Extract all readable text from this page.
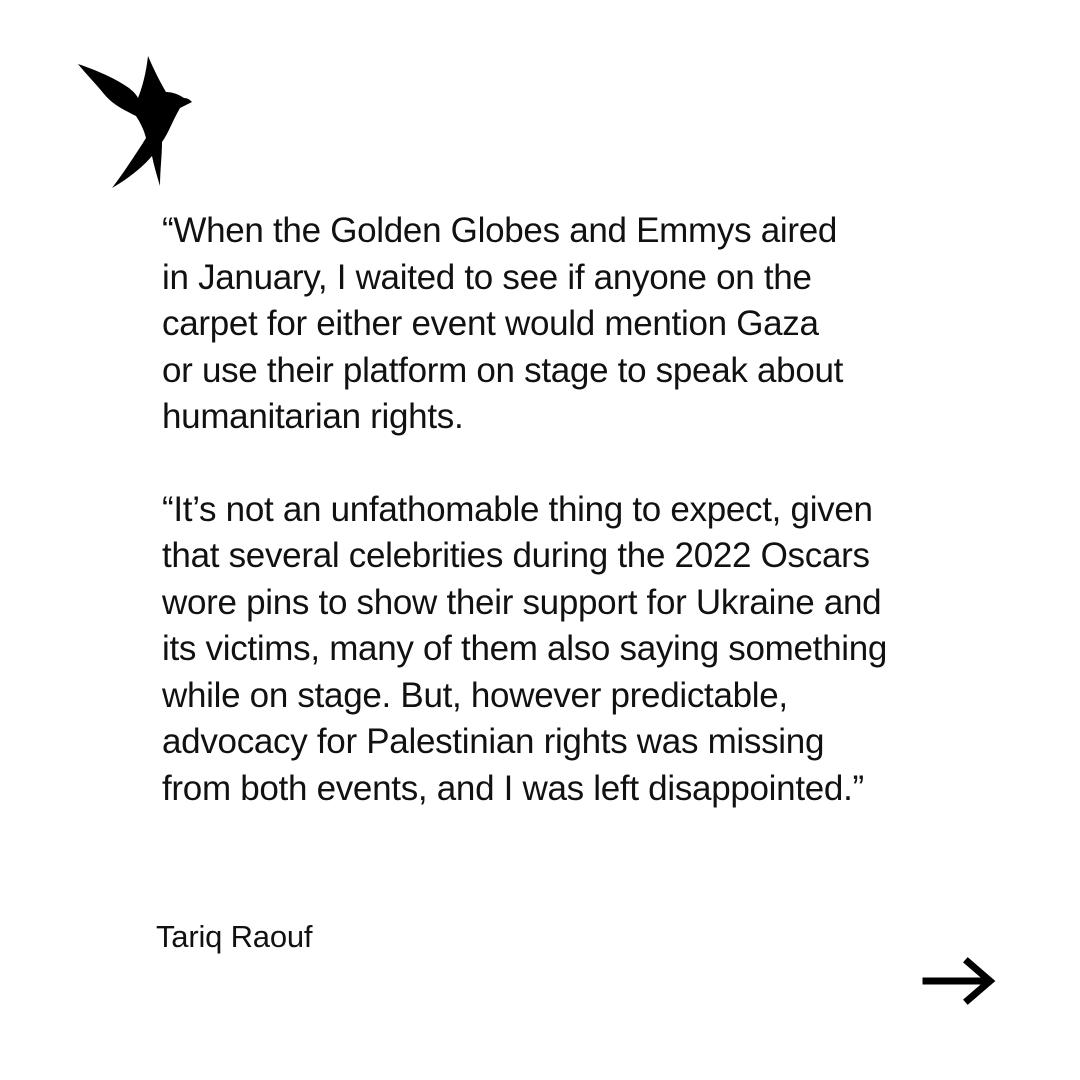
“When the Golden Globes and Emmys aired
in January, I waited to see if anyone on the
carpet for either event would mention Gaza
or use their platform on stage to speak about
humanitarian rights.

“It’s not an unfathomable thing to expect, given
that several celebrities during the 2022 Oscars
wore pins to show their support for Ukraine and
its victims, many of them also saying something
while on stage. But, however predictable,
advocacy for Palestinian rights was missing
from both events, and I was left disappointed.”

Tariq Raouf
